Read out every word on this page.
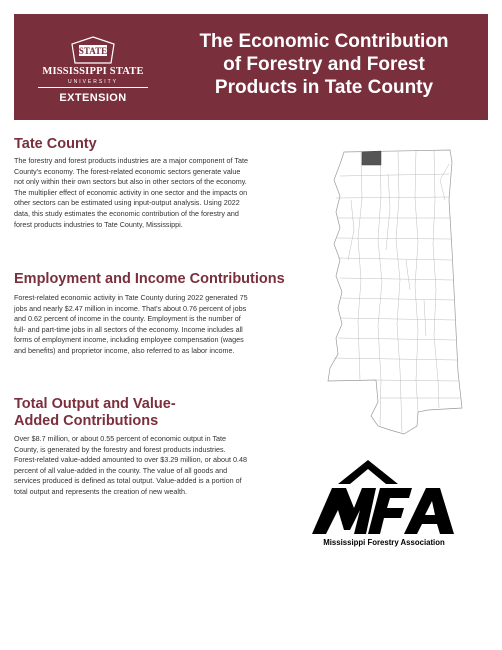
STATE
MISSISSIPPI STATE
UNIVERSITY
EXTENSION
The Economic Contribution
of Forestry and Forest
Products in Tate County
Tate County
The forestry and forest products industries are a major component of Tate County's economy. The forest-related economic sectors generate value not only within their own sectors but also in other sectors of the economy. The multiplier effect of economic activity in one sector and the impacts on other sectors can be estimated using input-output analysis. Using 2022 data, this study estimates the economic contribution of the forestry and forest products industries to Tate County, Mississippi.
Employment and Income Contributions
Forest-related economic activity in Tate County during 2022 generated 75 jobs and nearly $2.47 million in income. That's about 0.76 percent of jobs and 0.62 percent of income in the county. Employment is the number of full- and part-time jobs in all sectors of the economy. Income includes all forms of employment income, including employee compensation (wages and benefits) and proprietor income, also referred to as labor income.
Total Output and Value-
Added Contributions
Over $8.7 million, or about 0.55 percent of economic output in Tate County, is generated by the forestry and forest products industries. Forest-related value-added amounted to over $3.29 million, or about 0.48 percent of all value-added in the county. The value of all goods and services produced is defined as total output. Value-added is a portion of total output and represents the creation of new wealth.
Mississippi Forestry Association
